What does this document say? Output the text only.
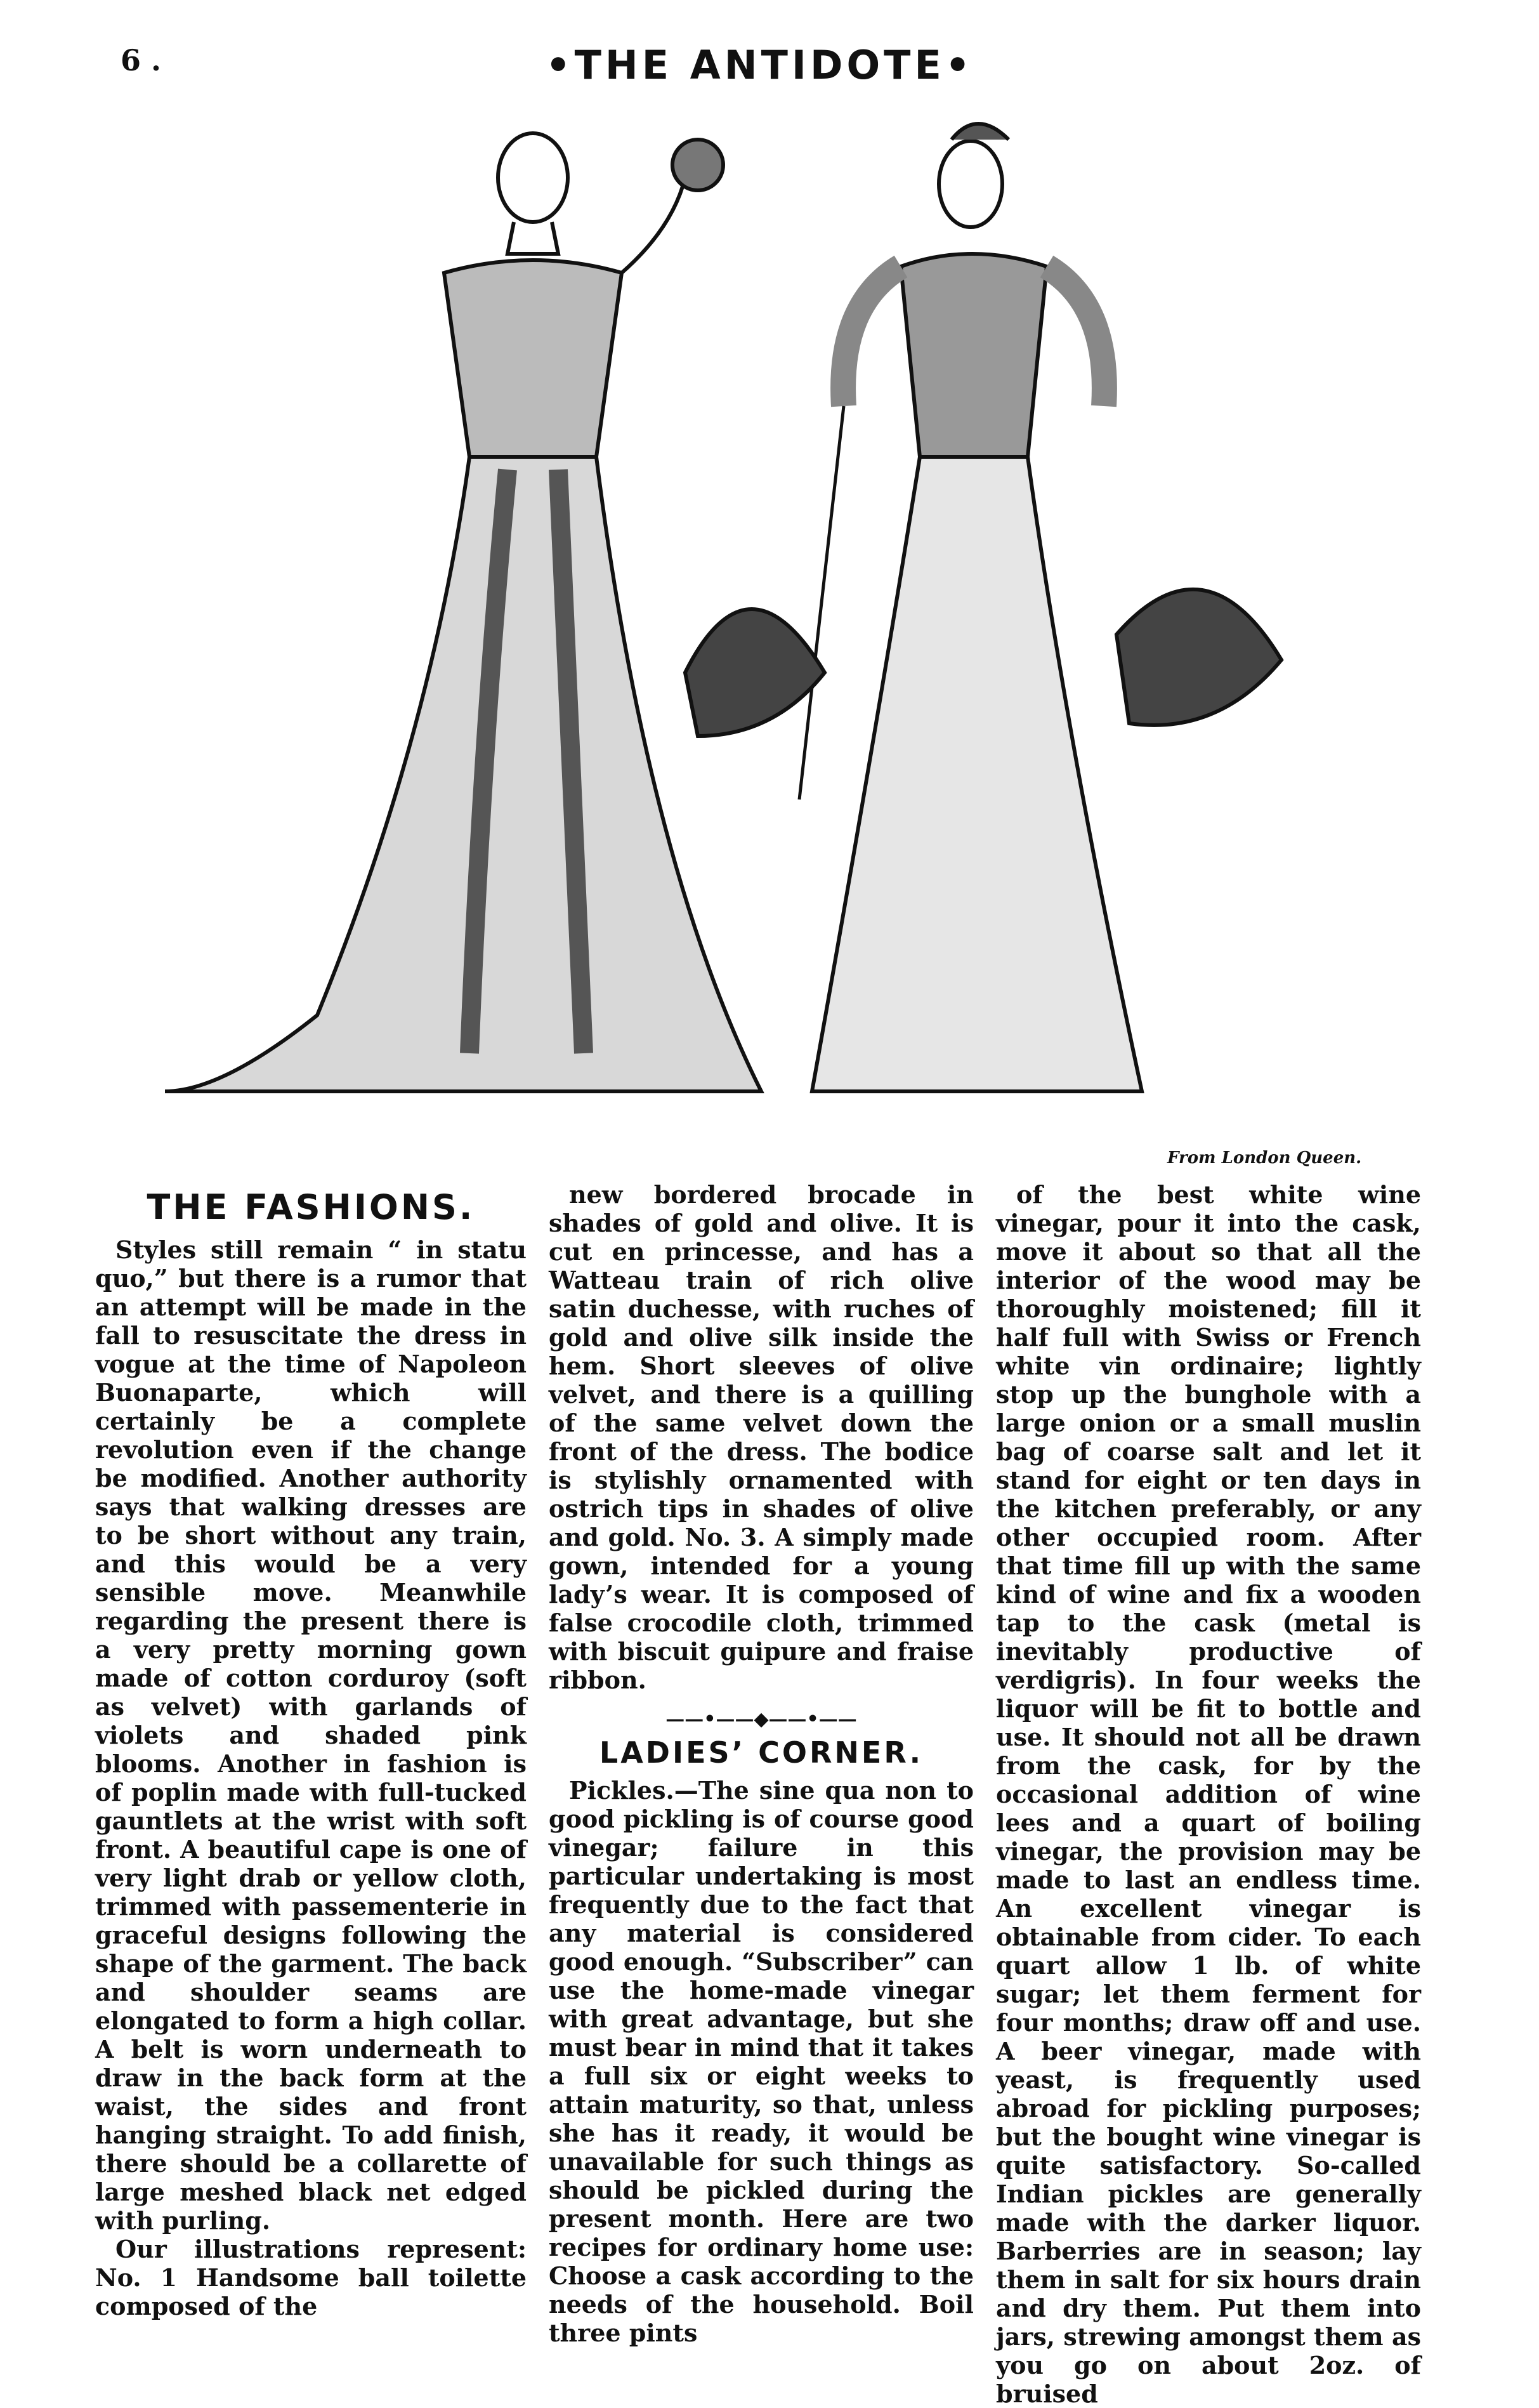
6 .	•THE ANTIDOTE•
From London Queen.
THE FASHIONS.

Styles still remain “ in statu quo,” but there is a rumor that an attempt will be made in the fall to resuscitate the dress in vogue at the time of Napoleon Buonaparte, which will certainly be a complete revolution even if the change be modified. Another authority says that walking dresses are to be short without any train, and this would be a very sensible move. Meanwhile regarding the present there is a very pretty morning gown made of cotton corduroy (soft as velvet) with garlands of violets and shaded pink blooms. Another in fashion is of poplin made with full-tucked gauntlets at the wrist with soft front. A beautiful cape is one of very light drab or yellow cloth, trimmed with passementerie in graceful designs following the shape of the garment. The back and shoulder seams are elongated to form a high collar. A belt is worn underneath to draw in the back form at the waist, the sides and front hanging straight. To add finish, there should be a collarette of large meshed black net edged with purling.

Our illustrations represent: No. 1 Handsome ball toilette composed of the

new bordered brocade in shades of gold and olive. It is cut en princesse, and has a Watteau train of rich olive satin duchesse, with ruches of gold and olive silk inside the hem. Short sleeves of olive velvet, and there is a quilling of the same velvet down the front of the dress. The bodice is stylishly ornamented with ostrich tips in shades of olive and gold. No. 3. A simply made gown, intended for a young lady’s wear. It is composed of false crocodile cloth, trimmed with biscuit guipure and fraise ribbon.

——•——◆——•——
LADIES’ CORNER.

Pickles.—The sine qua non to good pickling is of course good vinegar; failure in this particular undertaking is most frequently due to the fact that any material is considered good enough. “Subscriber” can use the home-made vinegar with great advantage, but she must bear in mind that it takes a full six or eight weeks to attain maturity, so that, unless she has it ready, it would be unavailable for such things as should be pickled during the present month. Here are two recipes for ordinary home use: Choose a cask according to the needs of the household. Boil three pints

of the best white wine vinegar, pour it into the cask, move it about so that all the interior of the wood may be thoroughly moistened; fill it half full with Swiss or French white vin ordinaire; lightly stop up the bunghole with a large onion or a small muslin bag of coarse salt and let it stand for eight or ten days in the kitchen preferably, or any other occupied room. After that time fill up with the same kind of wine and fix a wooden tap to the cask (metal is inevitably productive of verdigris). In four weeks the liquor will be fit to bottle and use. It should not all be drawn from the cask, for by the occasional addition of wine lees and a quart of boiling vinegar, the provision may be made to last an endless time. An excellent vinegar is obtainable from cider. To each quart allow 1 lb. of white sugar; let them ferment for four months; draw off and use. A beer vinegar, made with yeast, is frequently used abroad for pickling purposes; but the bought wine vinegar is quite satisfactory. So-called Indian pickles are generally made with the darker liquor. Barberries are in season; lay them in salt for six hours drain and dry them. Put them into jars, strewing amongst them as you go on about 2oz. of bruised
